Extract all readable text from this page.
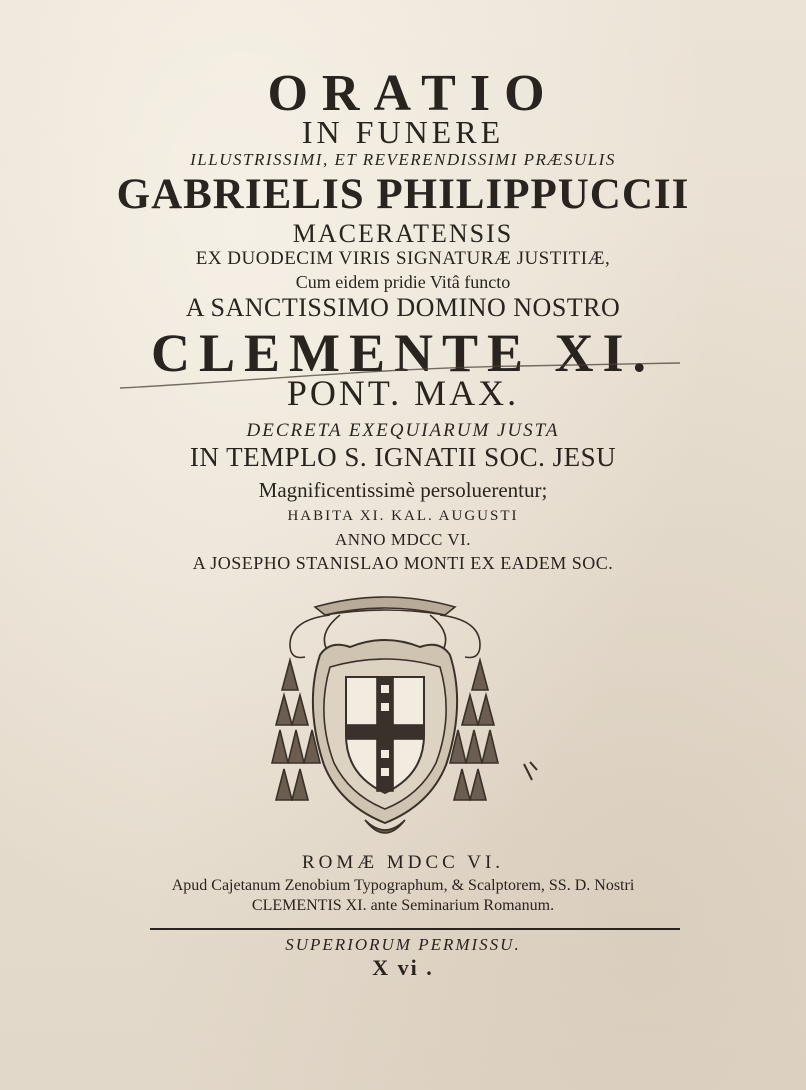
ORATIO
IN FUNERE
ILLUSTRISSIMI, ET REVERENDISSIMI PRÆSULIS
GABRIELIS PHILIPPUCCII
MACERATENSIS
EX DUODECIM VIRIS SIGNATURÆ JUSTITIÆ,
Cum eidem pridie Vitâ functo
A SANCTISSIMO DOMINO NOSTRO
CLEMENTE XI.
PONT. MAX.
DECRETA EXEQUIARUM JUSTA
IN TEMPLO S. IGNATII SOC. JESU
Magnificentissimè persoluerentur;
HABITA XI. KAL. AUGUSTI
ANNO MDCC VI.
A JOSEPHO STANISLAO MONTI EX EADEM SOC.
ROMÆ MDCC VI.
Apud Cajetanum Zenobium Typographum, & Scalptorem, SS. D. Nostri
CLEMENTIS XI. ante Seminarium Romanum.
SUPERIORUM PERMISSU.
X vi .
